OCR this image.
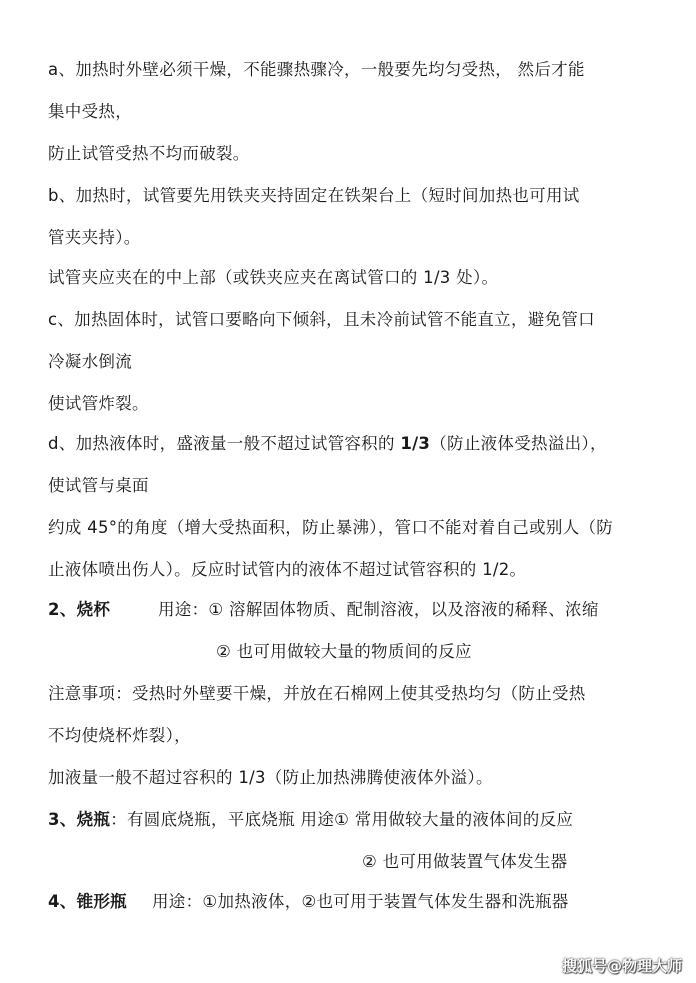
a、加热时外壁必须干燥，不能骤热骤冷，一般要先均匀受热， 然后才能
集中受热，
防止试管受热不均而破裂。
b、加热时，试管要先用铁夹夹持固定在铁架台上（短时间加热也可用试
管夹夹持）。
试管夹应夹在的中上部（或铁夹应夹在离试管口的 1/3 处）。
c、加热固体时，试管口要略向下倾斜，且未冷前试管不能直立，避免管口
冷凝水倒流
使试管炸裂。
d、加热液体时，盛液量一般不超过试管容积的 1/3（防止液体受热溢出），
使试管与桌面
约成 45°的角度（增大受热面积，防止暴沸），管口不能对着自己或别人（防
止液体喷出伤人）。反应时试管内的液体不超过试管容积的 1/2。
2、烧杯	用途：① 溶解固体物质、配制溶液，以及溶液的稀释、浓缩
② 也可用做较大量的物质间的反应
注意事项：受热时外壁要干燥，并放在石棉网上使其受热均匀（防止受热
不均使烧杯炸裂），
加液量一般不超过容积的 1/3（防止加热沸腾使液体外溢）。
3、烧瓶：有圆底烧瓶，平底烧瓶 用途① 常用做较大量的液体间的反应
② 也可用做装置气体发生器
4、锥形瓶 用途：①加热液体，②也可用于装置气体发生器和洗瓶器
搜狐号@物理大师
